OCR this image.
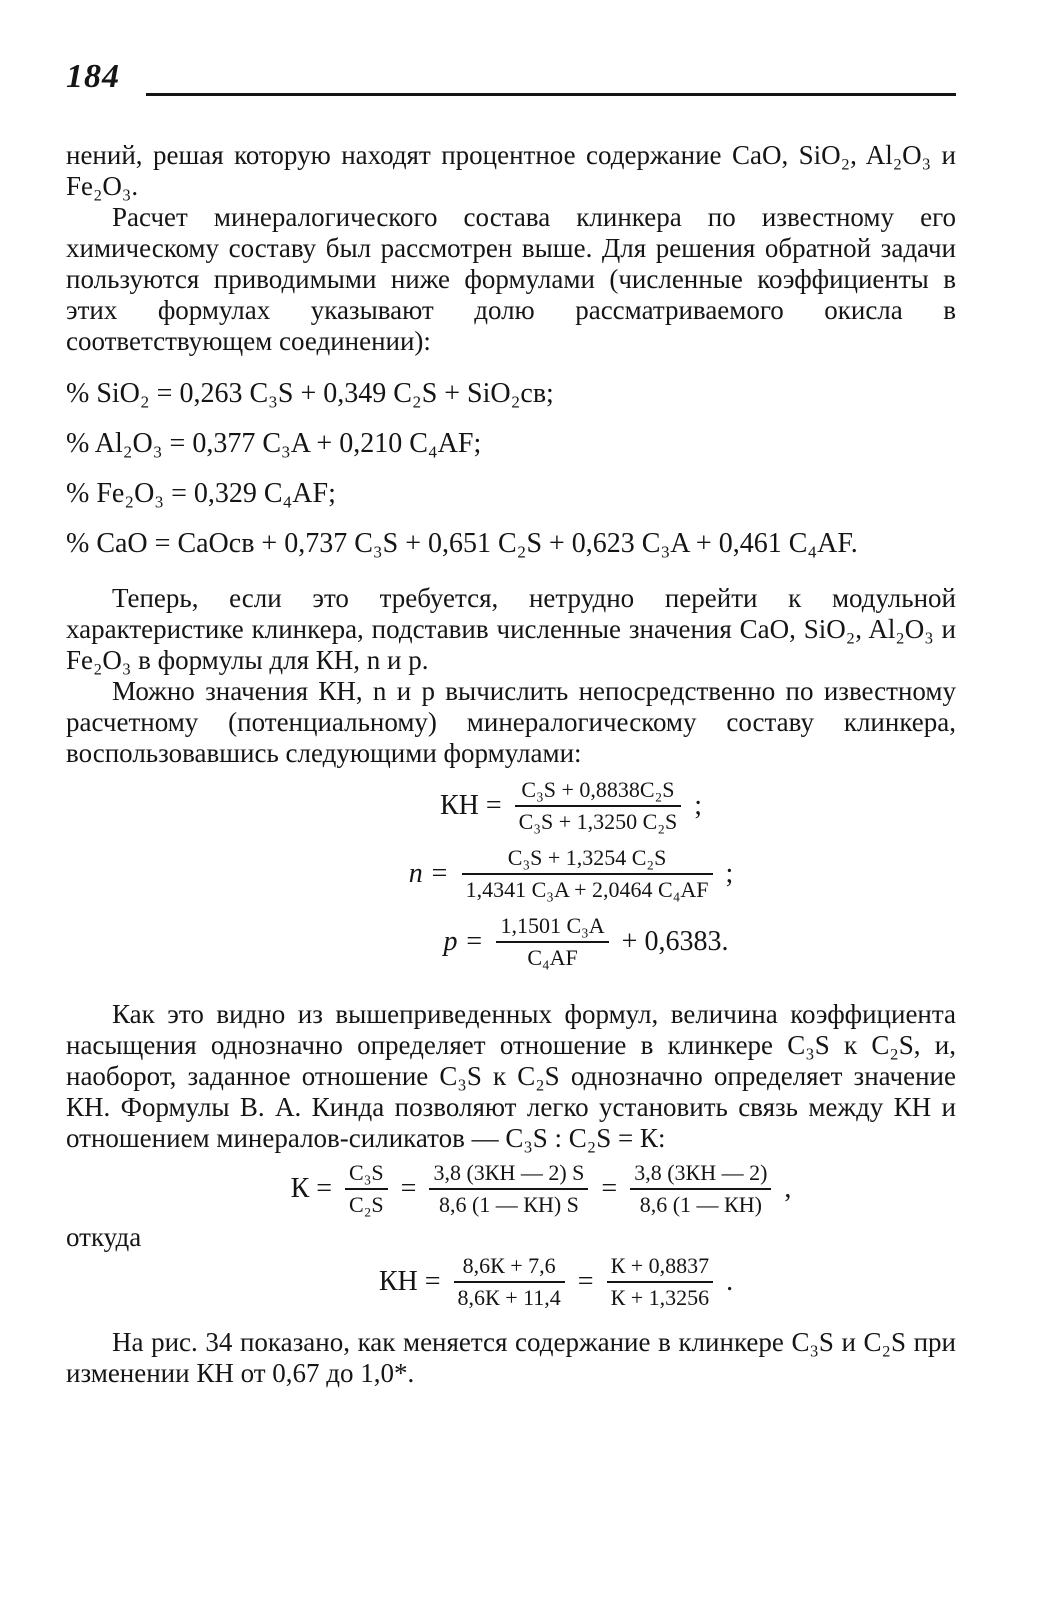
184

нений, решая которую находят процентное содержание CaO, SiO₂, Al₂O₃ и Fe₂O₃.

Расчет минералогического состава клинкера по известному его химическому составу был рассмотрен выше. Для решения обратной задачи пользуются приводимыми ниже формулами (численные коэффициенты в этих формулах указывают долю рассматриваемого окисла в соответствующем соединении):

% SiO₂ = 0,263 C₃S + 0,349 C₂S + SiO₂св;

% Al₂O₃ = 0,377 C₃A + 0,210 C₄AF;

% Fe₂O₃ = 0,329 C₄AF;

% CaO = CaOсв + 0,737 C₃S + 0,651 C₂S + 0,623 C₃A + 0,461 C₄AF.

Теперь, если это требуется, нетрудно перейти к модульной характеристике клинкера, подставив численные значения CaO, SiO₂, Al₂O₃ и Fe₂O₃ в формулы для КН, n и p.

Можно значения КН, n и p вычислить непосредственно по известному расчетному (потенциальному) минералогическому составу клинкера, воспользовавшись следующими формулами:

КН = $\frac{\text{C₃S + 0,8838C₂S}}{\text{C₃S + 1,3250 C₂S}}$ ;
$n = \frac{\text{C₃S + 1,3254 C₂S}}{\text{1,4341 C₃A + 2,0464 C₄AF}}$ ;
$p = \frac{\text{1,1501 C₃A}}{\text{C₄AF}} + 0,6383$.

Как это видно из вышеприведенных формул, величина коэффициента насыщения однозначно определяет отношение в клинкере C₃S к C₂S, и, наоборот, заданное отношение C₃S к C₂S однозначно определяет значение КН. Формулы В. А. Кинда позволяют легко установить связь между КН и отношением минералов-силикатов — C₃S : C₂S = К:

$К = \frac{\text{C₃S}}{\text{C₂S}} = \frac{3,8 (3КН — 2) S}{8,6 (1 — КН) S} = \frac{3,8 (3КН — 2)}{8,6 (1 — КН)}$ ,

откуда

КН = $\frac{8,6К + 7,6}{8,6К + 11,4} = \frac{К + 0,8837}{К + 1,3256}$ .

На рис. 34 показано, как меняется содержание в клинкере C₃S и C₂S при изменении КН от 0,67 до 1,0*.
